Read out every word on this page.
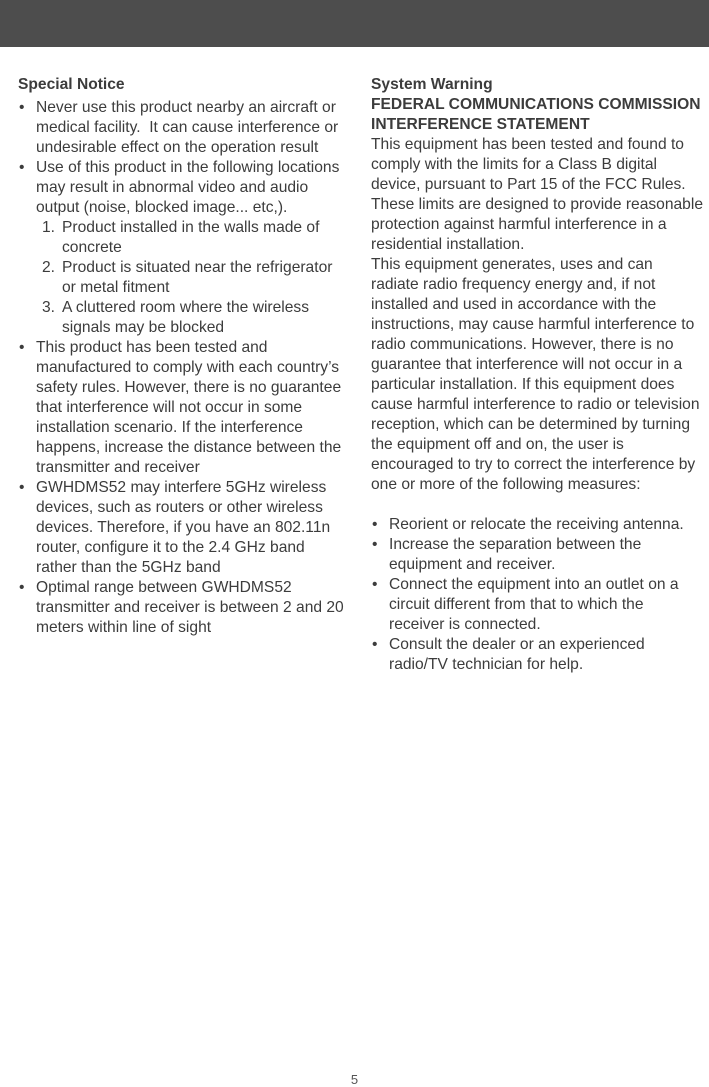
Special Notice
• Never use this product nearby an aircraft or medical facility.  It can cause interference or undesirable effect on the operation result
• Use of this product in the following locations may result in abnormal video and audio output (noise, blocked image... etc,).
1. Product installed in the walls made of concrete
2. Product is situated near the refrigerator or metal fitment
3. A cluttered room where the wireless signals may be blocked
• This product has been tested and manufactured to comply with each country’s safety rules. However, there is no guarantee that interference will not occur in some installation scenario. If the interference happens, increase the distance between the transmitter and receiver
• GWHDMS52 may interfere 5GHz wireless devices, such as routers or other wireless devices. Therefore, if you have an 802.11n router, configure it to the 2.4 GHz band rather than the 5GHz band
• Optimal range between GWHDMS52 transmitter and receiver is between 2 and 20 meters within line of sight
System Warning
FEDERAL COMMUNICATIONS COMMISSION INTERFERENCE STATEMENT

This equipment has been tested and found to comply with the limits for a Class B digital device, pursuant to Part 15 of the FCC Rules. These limits are designed to provide reasonable protection against harmful interference in a residential installation.

This equipment generates, uses and can radiate radio frequency energy and, if not installed and used in accordance with the instructions, may cause harmful interference to radio communications. However, there is no guarantee that interference will not occur in a particular installation. If this equipment does cause harmful interference to radio or television reception, which can be determined by turning the equipment off and on, the user is encouraged to try to correct the interference by one or more of the following measures:

• Reorient or relocate the receiving antenna.
• Increase the separation between the equipment and receiver.
• Connect the equipment into an outlet on a circuit different from that to which the receiver is connected.
• Consult the dealer or an experienced radio/TV technician for help.
5
